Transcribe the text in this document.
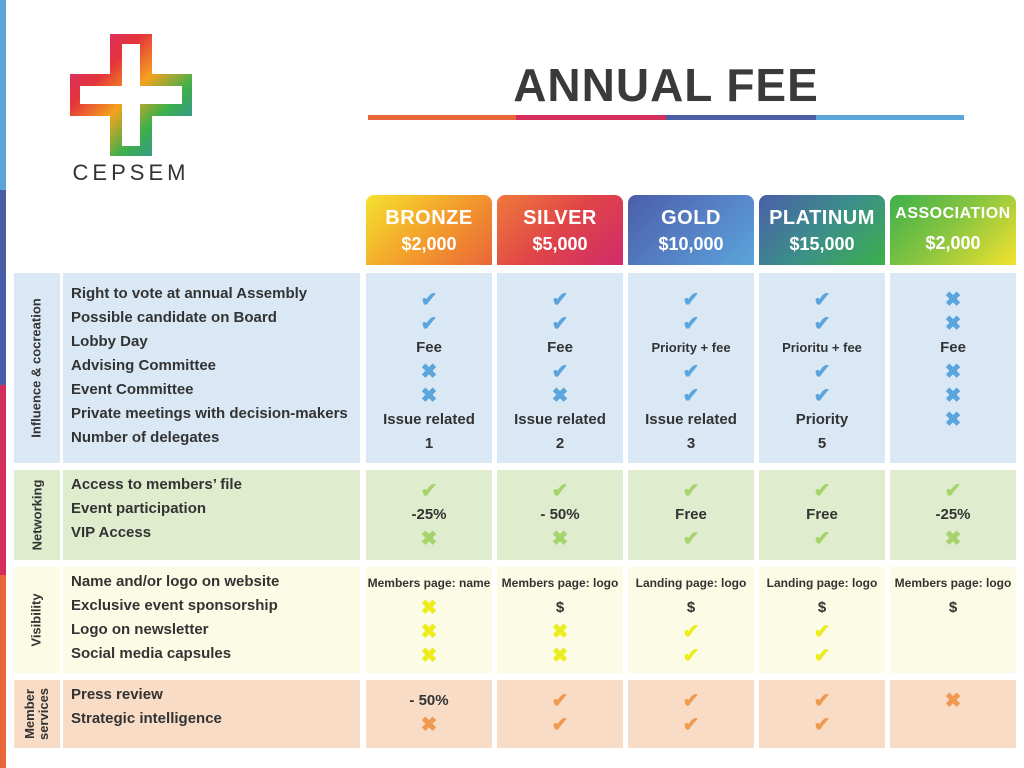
CEPSEM
ANNUAL FEE
BRONZE
$2,000
SILVER
$5,000
GOLD
$10,000
PLATINUM
$15,000
ASSOCIATION
$2,000
Influence & cocreation
Right to vote at annual Assembly
Possible candidate on Board
Lobby Day
Advising Committee
Event Committee
Private meetings with decision-makers
Number of delegates
Networking Access to members’ file
Event participation
VIP Access
Visibility
Name and/or logo on website
Exclusive event sponsorship
Logo on newsletter
Social media capsules
Member services Press review
Strategic intelligence
✔
✔
Fee
✖
✖
Issue related
1
✔
✔
Fee
✔
✖
Issue related
2
✔
✔
Priority + fee
✔
✔
Issue related
3
✔
✔
Prioritu + fee
✔
✔
Priority
5
✖
✖
Fee
✖
✖
✖
✔
-25%
✖
✔
- 50%
✖
✔
Free
✔
✔
Free
✔
✔
-25%
✖
Members page: name
✖
✖
✖
Members page: logo
$
✖
✖
Landing page: logo
$
✔
✔
Landing page: logo
$
✔
✔
Members page: logo
$
- 50%
✖
✔
✔
✔
✔
✔
✔
✖
